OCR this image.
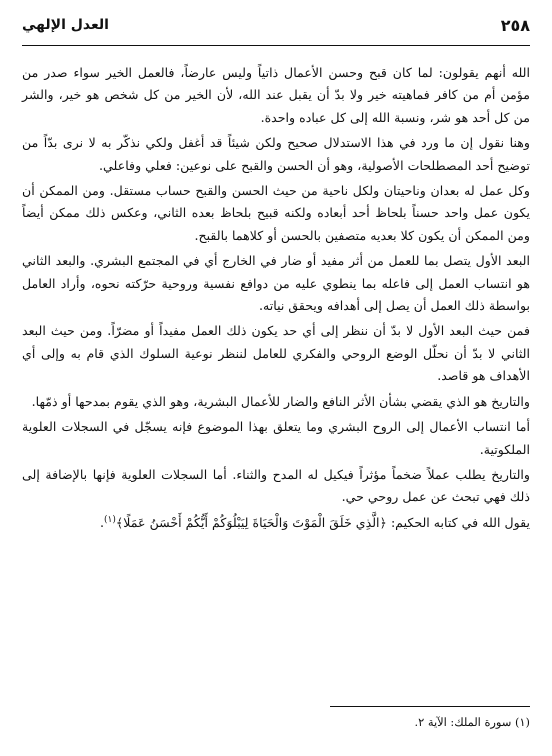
٢٥٨
العدل الإلهي

الله أنهم يقولون: لما كان قبح وحسن الأعمال ذاتياً وليس عارضاً، فالعمل الخير سواء صدر من مؤمن أم من كافر فماهيته خير ولا بدّ أن يقبل عند الله، لأن الخير من كل شخص هو خير، والشر من كل أحد هو شر، ونسبة الله إلى كل عباده واحدة.

وهنا نقول إن ما ورد في هذا الاستدلال صحيح ولكن شيئاً قد أغفل ولكي نذكّر به لا نرى بدّاً من توضيح أحد المصطلحات الأصولية، وهو أن الحسن والقبح على نوعين: فعلي وفاعلي.

وكل عمل له بعدان وناحيتان ولكل ناحية من حيث الحسن والقبح حساب مستقل. ومن الممكن أن يكون عمل واحد حسناً بلحاظ أحد أبعاده ولكنه قبيح بلحاظ بعده الثاني، وعكس ذلك ممكن أيضاً ومن الممكن أن يكون كلا بعديه متصفين بالحسن أو كلاهما بالقبح.

البعد الأول يتصل بما للعمل من أثر مفيد أو ضار في الخارج أي في المجتمع البشري. والبعد الثاني هو انتساب العمل إلى فاعله بما ينطوي عليه من دوافع نفسية وروحية حرّكته نحوه، وأراد العامل بواسطة ذلك العمل أن يصل إلى أهدافه ويحقق نياته.

فمن حيث البعد الأول لا بدّ أن ننظر إلى أي حد يكون ذلك العمل مفيداً أو مضرّاً. ومن حيث البعد الثاني لا بدّ أن نحلّل الوضع الروحي والفكري للعامل لننظر نوعية السلوك الذي قام به وإلى أي الأهداف هو قاصد.

والتاريخ هو الذي يقضي بشأن الأثر النافع والضار للأعمال البشرية، وهو الذي يقوم بمدحها أو ذمّها.

أما انتساب الأعمال إلى الروح البشري وما يتعلق بهذا الموضوع فإنه يسجّل في السجلات العلوية الملكوتية.

والتاريخ يطلب عملاً ضخماً مؤثراً فيكيل له المدح والثناء. أما السجلات العلوية فإنها بالإضافة إلى ذلك فهي تبحث عن عمل روحي حي.

يقول الله في كتابه الحكيم: ﴿الَّذِي خَلَقَ الْمَوْتَ وَالْحَيَاةَ لِيَبْلُوَكُمْ أَيُّكُمْ أَحْسَنُ عَمَلًا﴾$^{(١)}$.

(١) سورة الملك: الآية ٢.
